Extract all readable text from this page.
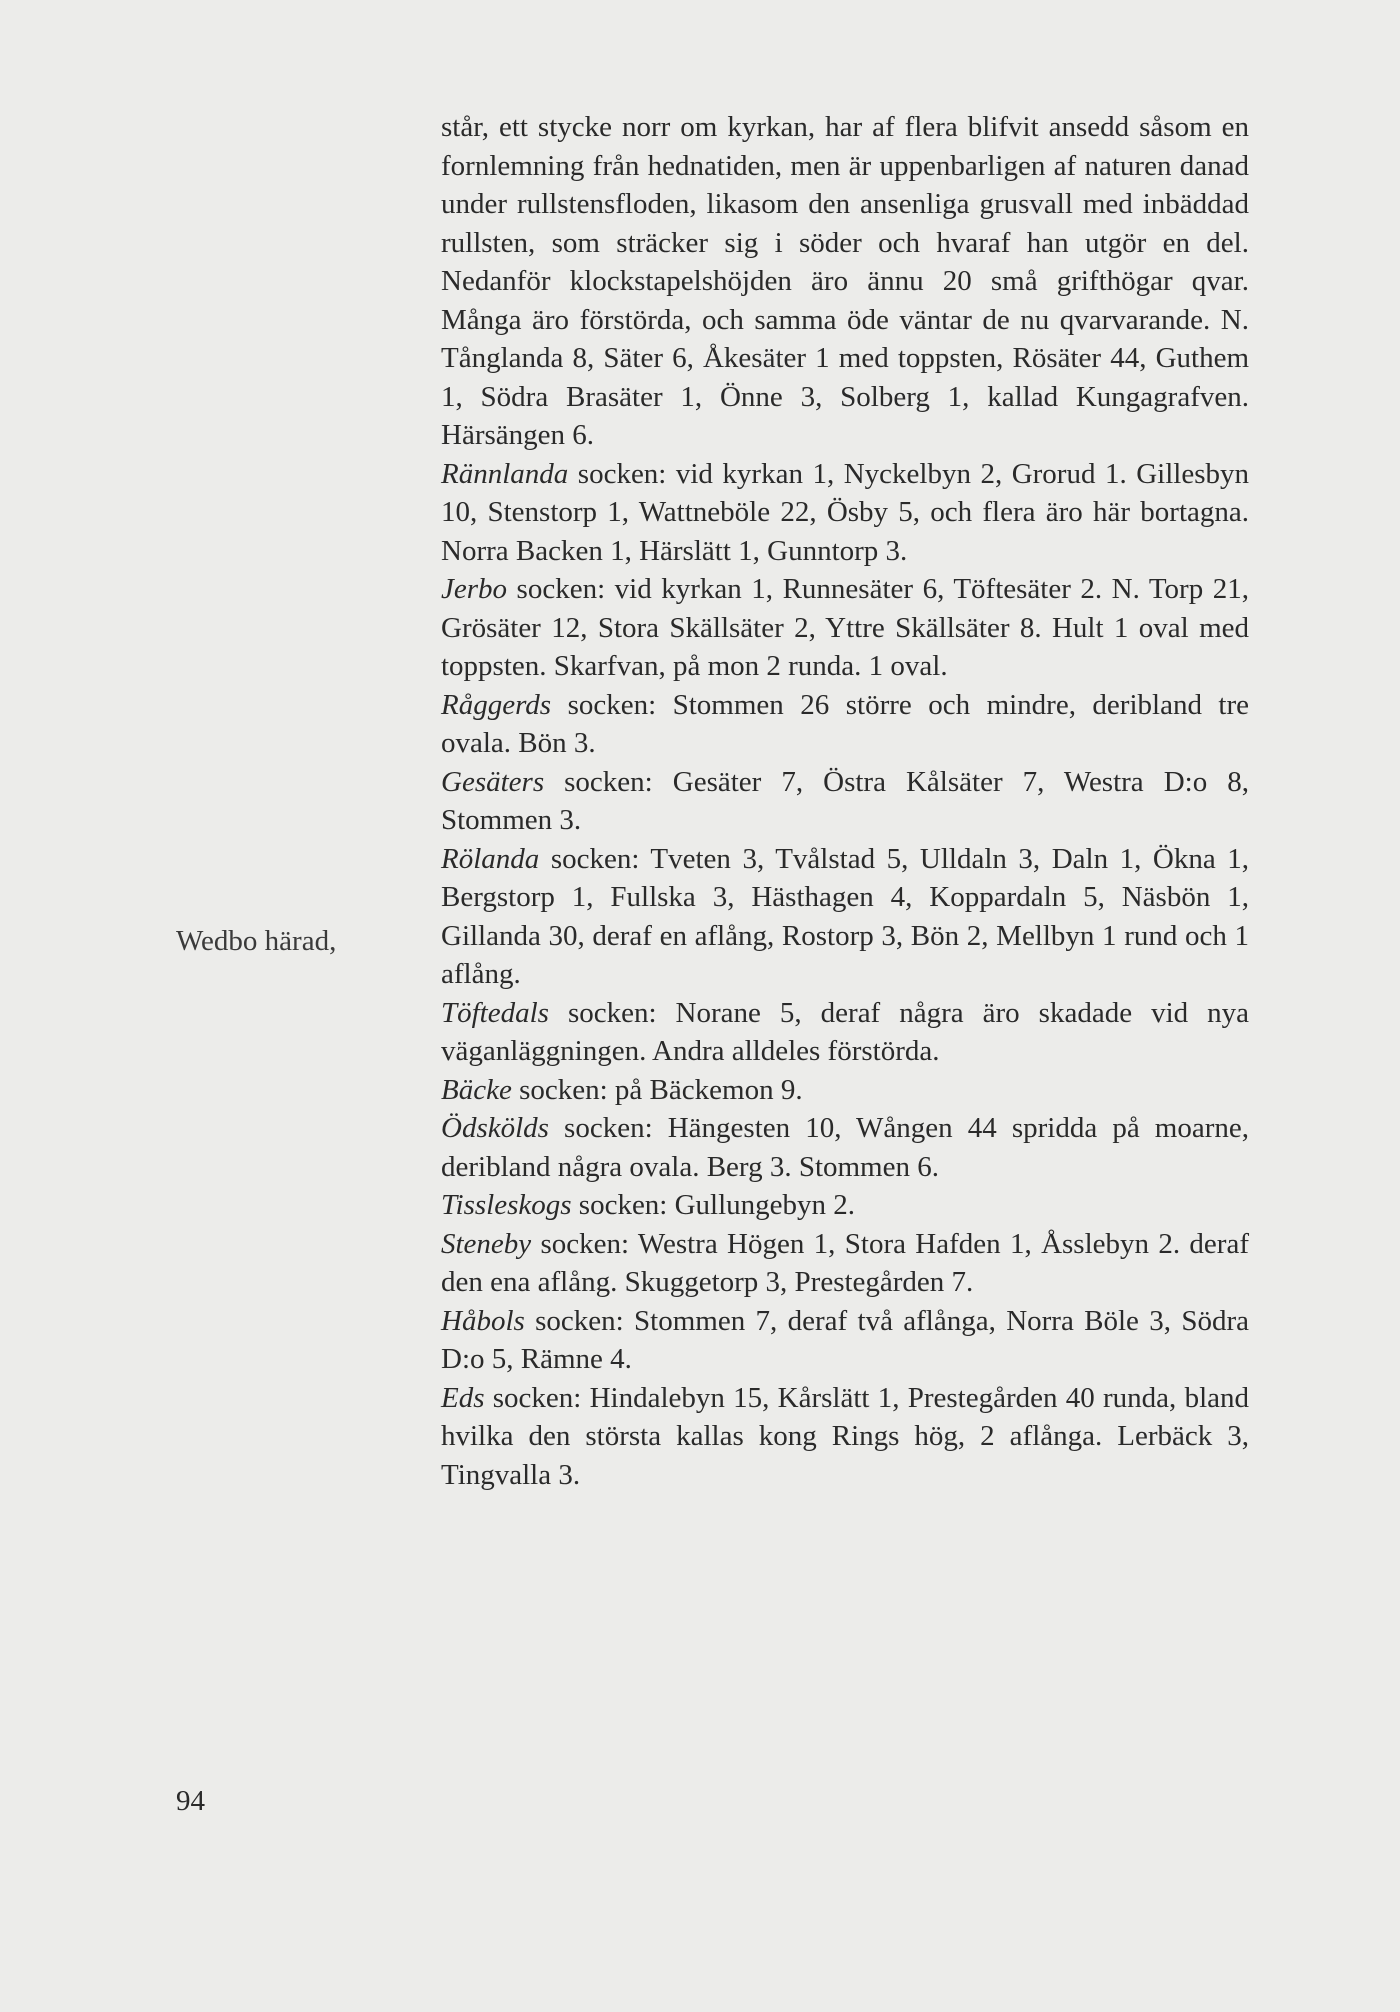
står, ett stycke norr om kyrkan, har af flera blifvit ansedd såsom en fornlemning från hednatiden, men är uppenbarligen af naturen danad under rullstensfloden, likasom den ansenliga grusvall med inbäddad rullsten, som sträcker sig i söder och hvaraf han utgör en del. Nedanför klockstapelshöjden äro ännu 20 små grifthögar qvar. Många äro förstörda, och samma öde väntar de nu qvarvarande. N. Tånglanda 8, Säter 6, Åkesäter 1 med toppsten, Rösäter 44, Guthem 1, Södra Brasäter 1, Önne 3, Solberg 1, kallad Kungagrafven. Härsängen 6.

Rännlanda socken: vid kyrkan 1, Nyckelbyn 2, Grorud 1. Gillesbyn 10, Stenstorp 1, Wattneböle 22, Ösby 5, och flera äro här bortagna. Norra Backen 1, Härslätt 1, Gunntorp 3.

Jerbo socken: vid kyrkan 1, Runnesäter 6, Töftesäter 2. N. Torp 21, Grösäter 12, Stora Skällsäter 2, Yttre Skällsäter 8. Hult 1 oval med toppsten. Skarfvan, på mon 2 runda. 1 oval.

Råggerds socken: Stommen 26 större och mindre, deribland tre ovala. Bön 3.

Gesäters socken: Gesäter 7, Östra Kålsäter 7, Westra D:o 8, Stommen 3.

Rölanda socken: Tveten 3, Tvålstad 5, Ulldaln 3, Daln 1, Ökna 1, Bergstorp 1, Fullska 3, Hästhagen 4, Koppardaln 5, Näsbön 1, Gillanda 30, deraf en aflång, Rostorp 3, Bön 2, Mellbyn 1 rund och 1 aflång.

Töftedals socken: Norane 5, deraf några äro skadade vid nya väganläggningen. Andra alldeles förstörda.

Bäcke socken: på Bäckemon 9.

Ödskölds socken: Hängesten 10, Wången 44 spridda på moarne, deribland några ovala. Berg 3. Stommen 6.

Tissleskogs socken: Gullungebyn 2.

Steneby socken: Westra Högen 1, Stora Hafden 1, Åsslebyn 2. deraf den ena aflång. Skuggetorp 3, Prestegården 7.

Håbols socken: Stommen 7, deraf två aflånga, Norra Böle 3, Södra D:o 5, Rämne 4.

Eds socken: Hindalebyn 15, Kårslätt 1, Prestegården 40 runda, bland hvilka den största kallas kong Rings hög, 2 aflånga. Lerbäck 3, Tingvalla 3.

Wedbo härad,
94
